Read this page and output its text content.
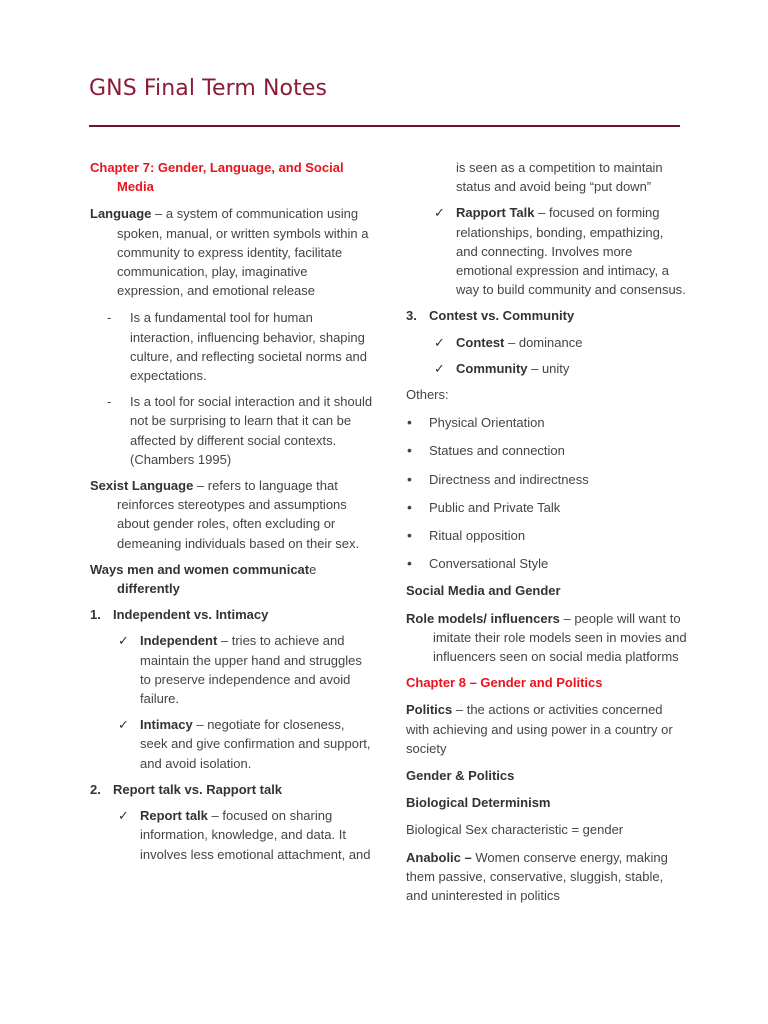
GNS Final Term Notes
Chapter 7: Gender, Language, and Social Media
Language – a system of communication using spoken, manual, or written symbols within a community to express identity, facilitate communication, play, imaginative expression, and emotional release
- Is a fundamental tool for human interaction, influencing behavior, shaping culture, and reflecting societal norms and expectations.
- Is a tool for social interaction and it should not be surprising to learn that it can be affected by different social contexts. (Chambers 1995)
Sexist Language – refers to language that reinforces stereotypes and assumptions about gender roles, often excluding or demeaning individuals based on their sex.
Ways men and women communicate differently
1. Independent vs. Intimacy
✓ Independent – tries to achieve and maintain the upper hand and struggles to preserve independence and avoid failure.
✓ Intimacy – negotiate for closeness, seek and give confirmation and support, and avoid isolation.
2. Report talk vs. Rapport talk
✓ Report talk – focused on sharing information, knowledge, and data. It involves less emotional attachment, and
is seen as a competition to maintain status and avoid being “put down”
✓ Rapport Talk – focused on forming relationships, bonding, empathizing, and connecting. Involves more emotional expression and intimacy, a way to build community and consensus.
3. Contest vs. Community
✓ Contest – dominance
✓ Community – unity
Others:
• Physical Orientation
• Statues and connection
• Directness and indirectness
• Public and Private Talk
• Ritual opposition
• Conversational Style
Social Media and Gender
Role models/ influencers – people will want to imitate their role models seen in movies and influencers seen on social media platforms
Chapter 8 – Gender and Politics
Politics – the actions or activities concerned with achieving and using power in a country or society
Gender & Politics
Biological Determinism
Biological Sex characteristic = gender
Anabolic – Women conserve energy, making them passive, conservative, sluggish, stable, and uninterested in politics
